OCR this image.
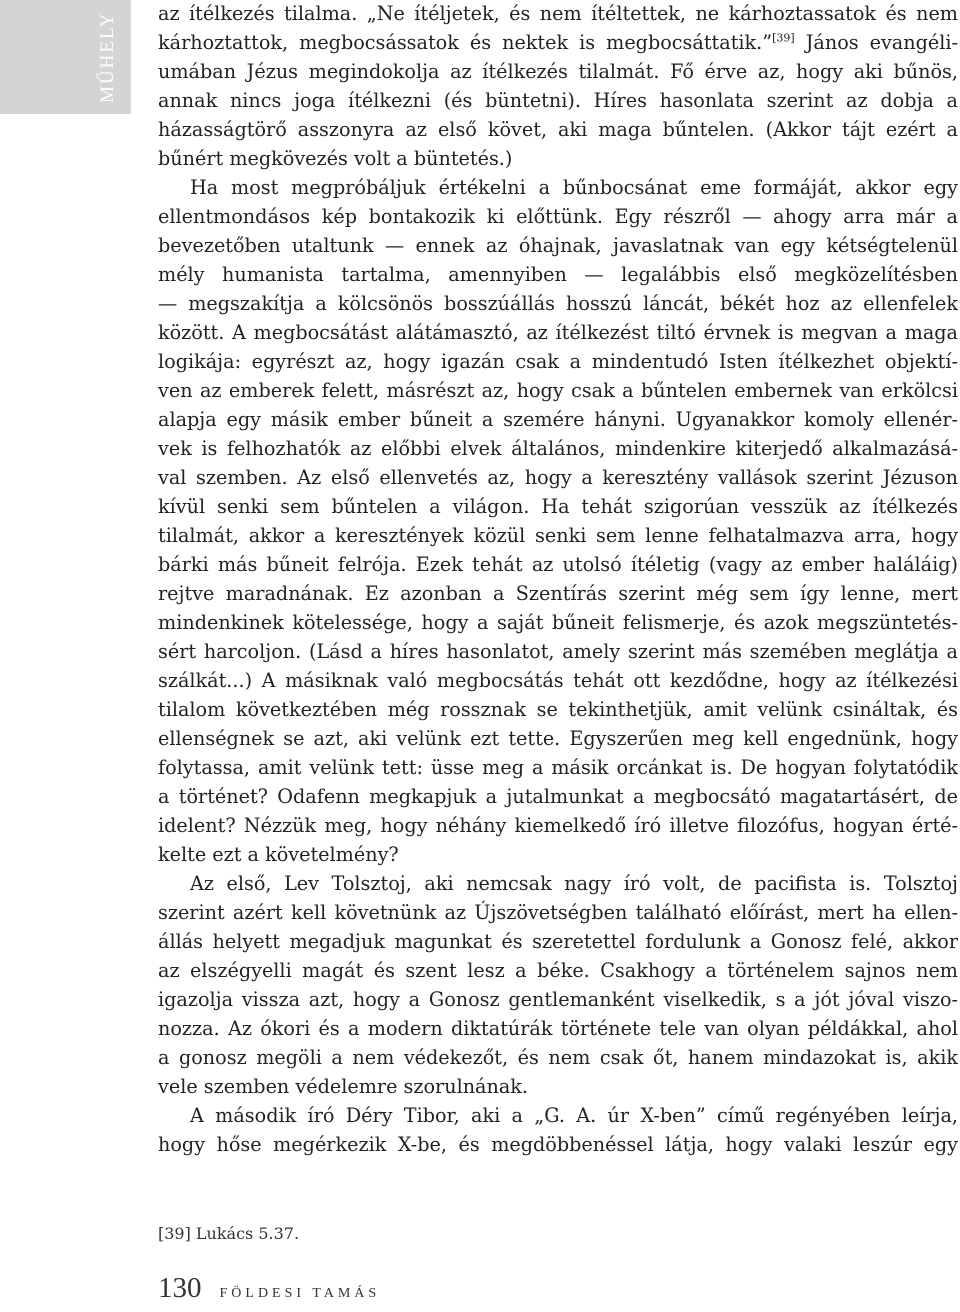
MŰHELY az ítélkezés tilalma. „Ne ítéljetek, és nem ítéltettek, ne kárhoztassatok és nem
kárhoztattok, megbocsássatok és nektek is megbocsáttatik.”[39] János evangéli-
umában Jézus megindokolja az ítélkezés tilalmát. Fő érve az, hogy aki bűnös,
annak nincs joga ítélkezni (és büntetni). Híres hasonlata szerint az dobja a
házasságtörő asszonyra az első követ, aki maga bűntelen. (Akkor tájt ezért a
bűnért megkövezés volt a büntetés.)
Ha most megpróbáljuk értékelni a bűnbocsánat eme formáját, akkor egy
ellentmondásos kép bontakozik ki előttünk. Egy részről — ahogy arra már a
bevezetőben utaltunk — ennek az óhajnak, javaslatnak van egy kétségtelenül
mély humanista tartalma, amennyiben — legalábbis első megközelítésben
— megszakítja a kölcsönös bosszúállás hosszú láncát, békét hoz az ellenfelek
között. A megbocsátást alátámasztó, az ítélkezést tiltó érvnek is megvan a maga
logikája: egyrészt az, hogy igazán csak a mindentudó Isten ítélkezhet objektí-
ven az emberek felett, másrészt az, hogy csak a bűntelen embernek van erkölcsi
alapja egy másik ember bűneit a szemére hányni. Ugyanakkor komoly ellenér-
vek is felhozhatók az előbbi elvek általános, mindenkire kiterjedő alkalmazásá-
val szemben. Az első ellenvetés az, hogy a keresztény vallások szerint Jézuson
kívül senki sem bűntelen a világon. Ha tehát szigorúan vesszük az ítélkezés
tilalmát, akkor a keresztények közül senki sem lenne felhatalmazva arra, hogy
bárki más bűneit felrója. Ezek tehát az utolsó ítéletig (vagy az ember haláláig)
rejtve maradnának. Ez azonban a Szentírás szerint még sem így lenne, mert
mindenkinek kötelessége, hogy a saját bűneit felismerje, és azok megszüntetés-
sért harcoljon. (Lásd a híres hasonlatot, amely szerint más szemében meglátja a
szálkát...) A másiknak való megbocsátás tehát ott kezdődne, hogy az ítélkezési
tilalom következtében még rossznak se tekinthetjük, amit velünk csináltak, és
ellenségnek se azt, aki velünk ezt tette. Egyszerűen meg kell engednünk, hogy
folytassa, amit velünk tett: üsse meg a másik orcánkat is. De hogyan folytatódik
a történet? Odafenn megkapjuk a jutalmunkat a megbocsátó magatartásért, de
idelent? Nézzük meg, hogy néhány kiemelkedő író illetve filozófus, hogyan érté-
kelte ezt a követelmény?
Az első, Lev Tolsztoj, aki nemcsak nagy író volt, de pacifista is. Tolsztoj
szerint azért kell követnünk az Újszövetségben található előírást, mert ha ellen-
állás helyett megadjuk magunkat és szeretettel fordulunk a Gonosz felé, akkor
az elszégyelli magát és szent lesz a béke. Csakhogy a történelem sajnos nem
igazolja vissza azt, hogy a Gonosz gentlemanként viselkedik, s a jót jóval viszo-
nozza. Az ókori és a modern diktatúrák története tele van olyan példákkal, ahol
a gonosz megöli a nem védekezőt, és nem csak őt, hanem mindazokat is, akik
vele szemben védelemre szorulnának.
A második író Déry Tibor, aki a „G. A. úr X-ben” című regényében leírja,
hogy hőse megérkezik X-be, és megdöbbenéssel látja, hogy valaki leszúr egy
[39] Lukács 5.37.
130 FÖLDESI TAMÁS
